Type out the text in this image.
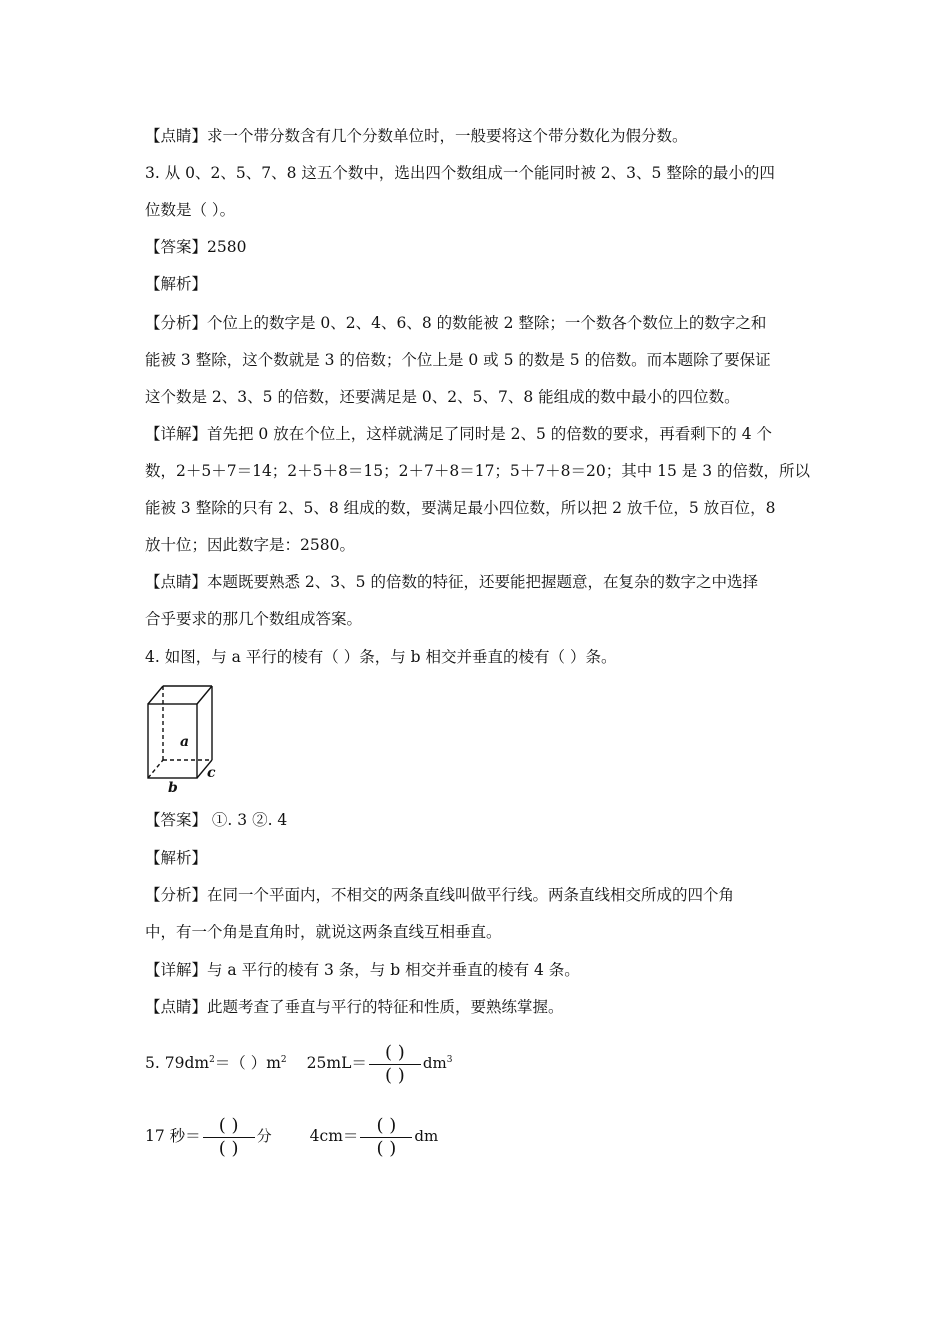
【点睛】求一个带分数含有几个分数单位时，一般要将这个带分数化为假分数。
3. 从 0、2、5、7、8 这五个数中，选出四个数组成一个能同时被 2、3、5 整除的最小的四
位数是（ ）。
【答案】2580
【解析】
【分析】个位上的数字是 0、2、4、6、8 的数能被 2 整除；一个数各个数位上的数字之和
能被 3 整除，这个数就是 3 的倍数；个位上是 0 或 5 的数是 5 的倍数。而本题除了要保证
这个数是 2、3、5 的倍数，还要满足是 0、2、5、7、8 能组成的数中最小的四位数。
【详解】首先把 0 放在个位上，这样就满足了同时是 2、5 的倍数的要求，再看剩下的 4 个
数，2＋5＋7＝14；2＋5＋8＝15；2＋7＋8＝17；5＋7＋8＝20；其中 15 是 3 的倍数，所以
能被 3 整除的只有 2、5、8 组成的数，要满足最小四位数，所以把 2 放千位，5 放百位，8
放十位；因此数字是：2580。
【点睛】本题既要熟悉 2、3、5 的倍数的特征，还要能把握题意，在复杂的数字之中选择
合乎要求的那几个数组成答案。
4. 如图，与 a 平行的棱有（ ）条，与 b 相交并垂直的棱有（ ）条。
a
b
c
【答案】 ①. 3 ②. 4
【解析】
【分析】在同一个平面内，不相交的两条直线叫做平行线。两条直线相交所成的四个角
中，有一个角是直角时，就说这两条直线互相垂直。
【详解】与 a 平行的棱有 3 条，与 b 相交并垂直的棱有 4 条。
【点睛】此题考查了垂直与平行的特征和性质，要熟练掌握。
5. $79dm^2=$（ ）$m^2$ $25mL= \frac{( )}{( )} dm^3$
17 秒＝ $\frac{( )}{( )}$ 分 $4cm= \frac{( )}{( )}$ dm
